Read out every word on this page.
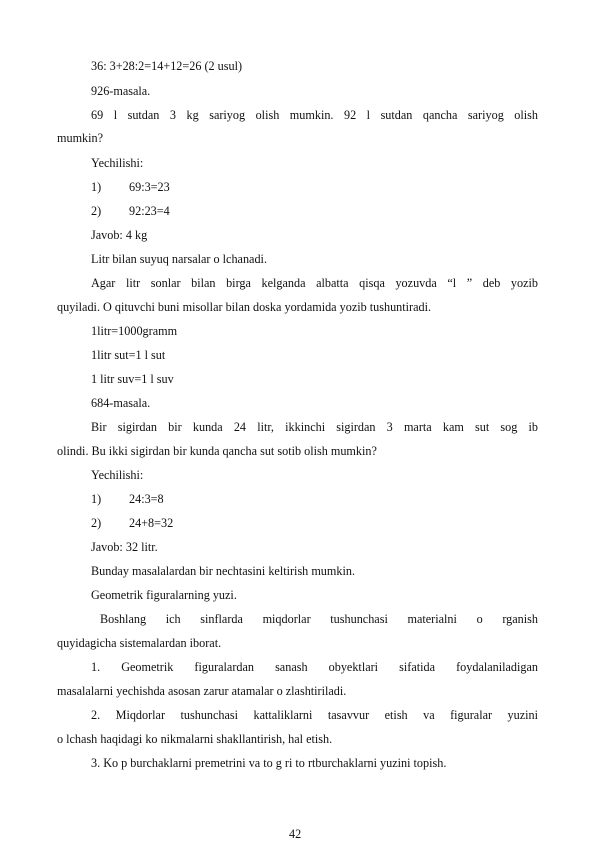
36: 3+28:2=14+12=26 (2 usul)
926-masala.
69 l sutdan 3 kg sariyog olish mumkin. 92 l sutdan qancha sariyog olish
mumkin?
Yechilishi:
1) 69:3=23
2) 92:23=4
Javob: 4 kg
Litr bilan suyuq narsalar o lchanadi.
Agar litr sonlar bilan birga kelganda albatta qisqa yozuvda “l ” deb yozib
quyiladi. O qituvchi buni misollar bilan doska yordamida yozib tushuntiradi.
1litr=1000gramm
1litr sut=1 l sut
1 litr suv=1 l suv
684-masala.
Bir sigirdan bir kunda 24 litr, ikkinchi sigirdan 3 marta kam sut sog ib
olindi. Bu ikki sigirdan bir kunda qancha sut sotib olish mumkin?
Yechilishi:
1) 24:3=8
2) 24+8=32
Javob: 32 litr.
Bunday masalalardan bir nechtasini keltirish mumkin.
Geometrik figuralarning yuzi.
Boshlang ich sinflarda miqdorlar tushunchasi materialni o rganish
quyidagicha sistemalardan iborat.
1. Geometrik figuralardan sanash obyektlari sifatida foydalaniladigan
masalalarni yechishda asosan zarur atamalar o zlashtiriladi.
2. Miqdorlar tushunchasi kattaliklarni tasavvur etish va figuralar yuzini
o lchash haqidagi ko nikmalarni shakllantirish, hal etish.
3. Ko p burchaklarni premetrini va to g ri to rtburchaklarni yuzini topish.
42
